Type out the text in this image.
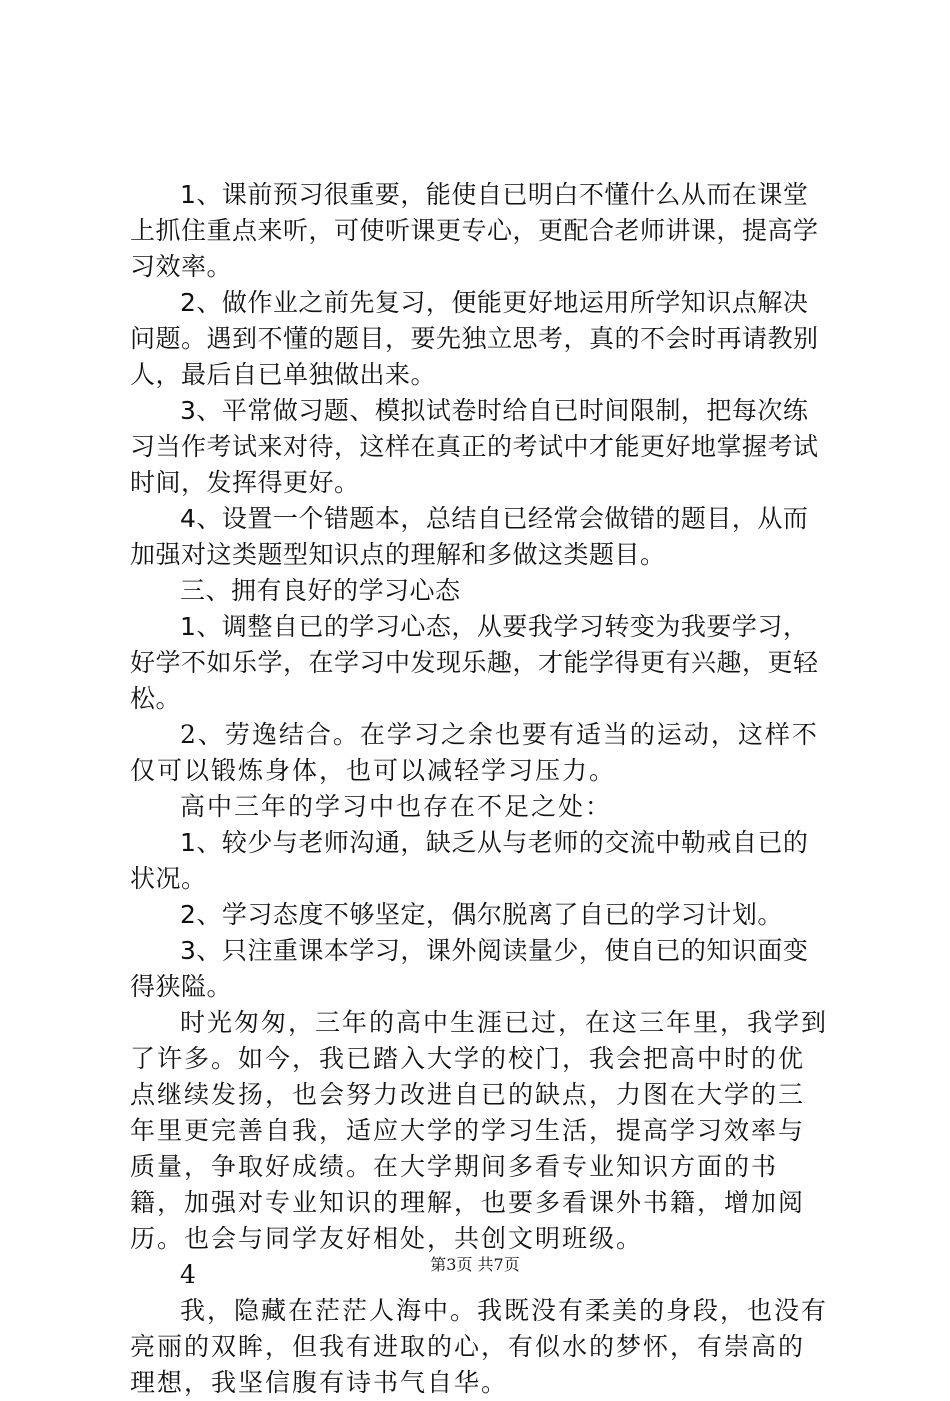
1、课前预习很重要，能使自已明白不懂什么从而在课堂上抓住重点来听，可使听课更专心，更配合老师讲课，提高学习效率。

2、做作业之前先复习，便能更好地运用所学知识点解决问题。遇到不懂的题目，要先独立思考，真的不会时再请教别人，最后自已单独做出来。

3、平常做习题、模拟试卷时给自已时间限制，把每次练习当作考试来对待，这样在真正的考试中才能更好地掌握考试时间，发挥得更好。

4、设置一个错题本，总结自已经常会做错的题目，从而加强对这类题型知识点的理解和多做这类题目。

三、拥有良好的学习心态

1、调整自已的学习心态，从要我学习转变为我要学习，好学不如乐学，在学习中发现乐趣，才能学得更有兴趣，更轻松。

2、劳逸结合。在学习之余也要有适当的运动，这样不仅可以锻炼身体，也可以减轻学习压力。

高中三年的学习中也存在不足之处：

1、较少与老师沟通，缺乏从与老师的交流中勒戒自已的状况。

2、学习态度不够坚定，偶尔脱离了自已的学习计划。

3、只注重课本学习，课外阅读量少，使自已的知识面变得狭隘。

时光匆匆，三年的高中生涯已过，在这三年里，我学到了许多。如今，我已踏入大学的校门，我会把高中时的优点继续发扬，也会努力改进自已的缺点，力图在大学的三年里更完善自我，适应大学的学习生活，提高学习效率与质量，争取好成绩。在大学期间多看专业知识方面的书籍，加强对专业知识的理解，也要多看课外书籍，增加阅历。也会与同学友好相处，共创文明班级。

4

我，隐藏在茫茫人海中。我既没有柔美的身段，也没有亮丽的双眸，但我有进取的心，有似水的梦怀，有崇高的理想，我坚信腹有诗书气自华。

第3页 共7页
